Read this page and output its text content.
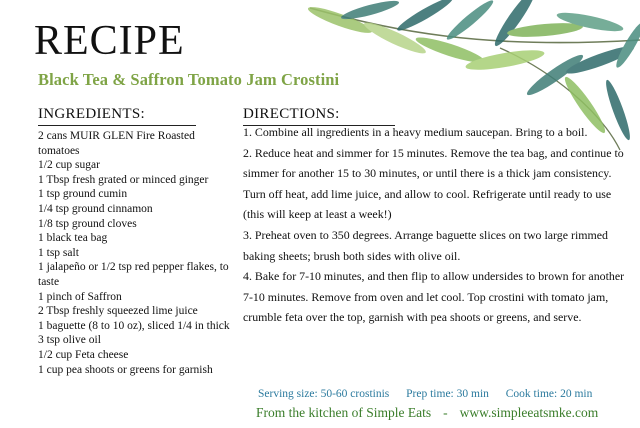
RECIPE
Black Tea & Saffron Tomato Jam Crostini
INGREDIENTS:	DIRECTIONS:
2 cans MUIR GLEN Fire Roasted tomatoes
1/2 cup sugar
1 Tbsp fresh grated or minced ginger
1 tsp ground cumin
1/4 tsp ground cinnamon
1/8 tsp ground cloves
1 black tea bag
1 tsp salt
1 jalapeño or 1/2 tsp red pepper flakes, to taste
1 pinch of Saffron
2 Tbsp freshly squeezed lime juice
1 baguette (8 to 10 oz), sliced 1/4 in thick
3 tsp olive oil
1/2 cup Feta cheese
1 cup pea shoots or greens for garnish

1. Combine all ingredients in a heavy medium saucepan. Bring to a boil.

2. Reduce heat and simmer for 15 minutes. Remove the tea bag, and continue to simmer for another 15 to 30 minutes, or until there is a thick jam consistency. Turn off heat, add lime juice, and allow to cool. Refrigerate until ready to use (this will keep at least a week!)

3. Preheat oven to 350 degrees. Arrange baguette slices on two large rimmed baking sheets; brush both sides with olive oil.

4. Bake for 7-10 minutes, and then flip to allow undersides to brown for another 7-10 minutes. Remove from oven and let cool. Top crostini with tomato jam, crumble feta over the top, garnish with pea shoots or greens, and serve.

Serving size: 50-60 crostinis Prep time: 30 min Cook time: 20 min
From the kitchen of Simple Eats - www.simpleeatsmke.com
